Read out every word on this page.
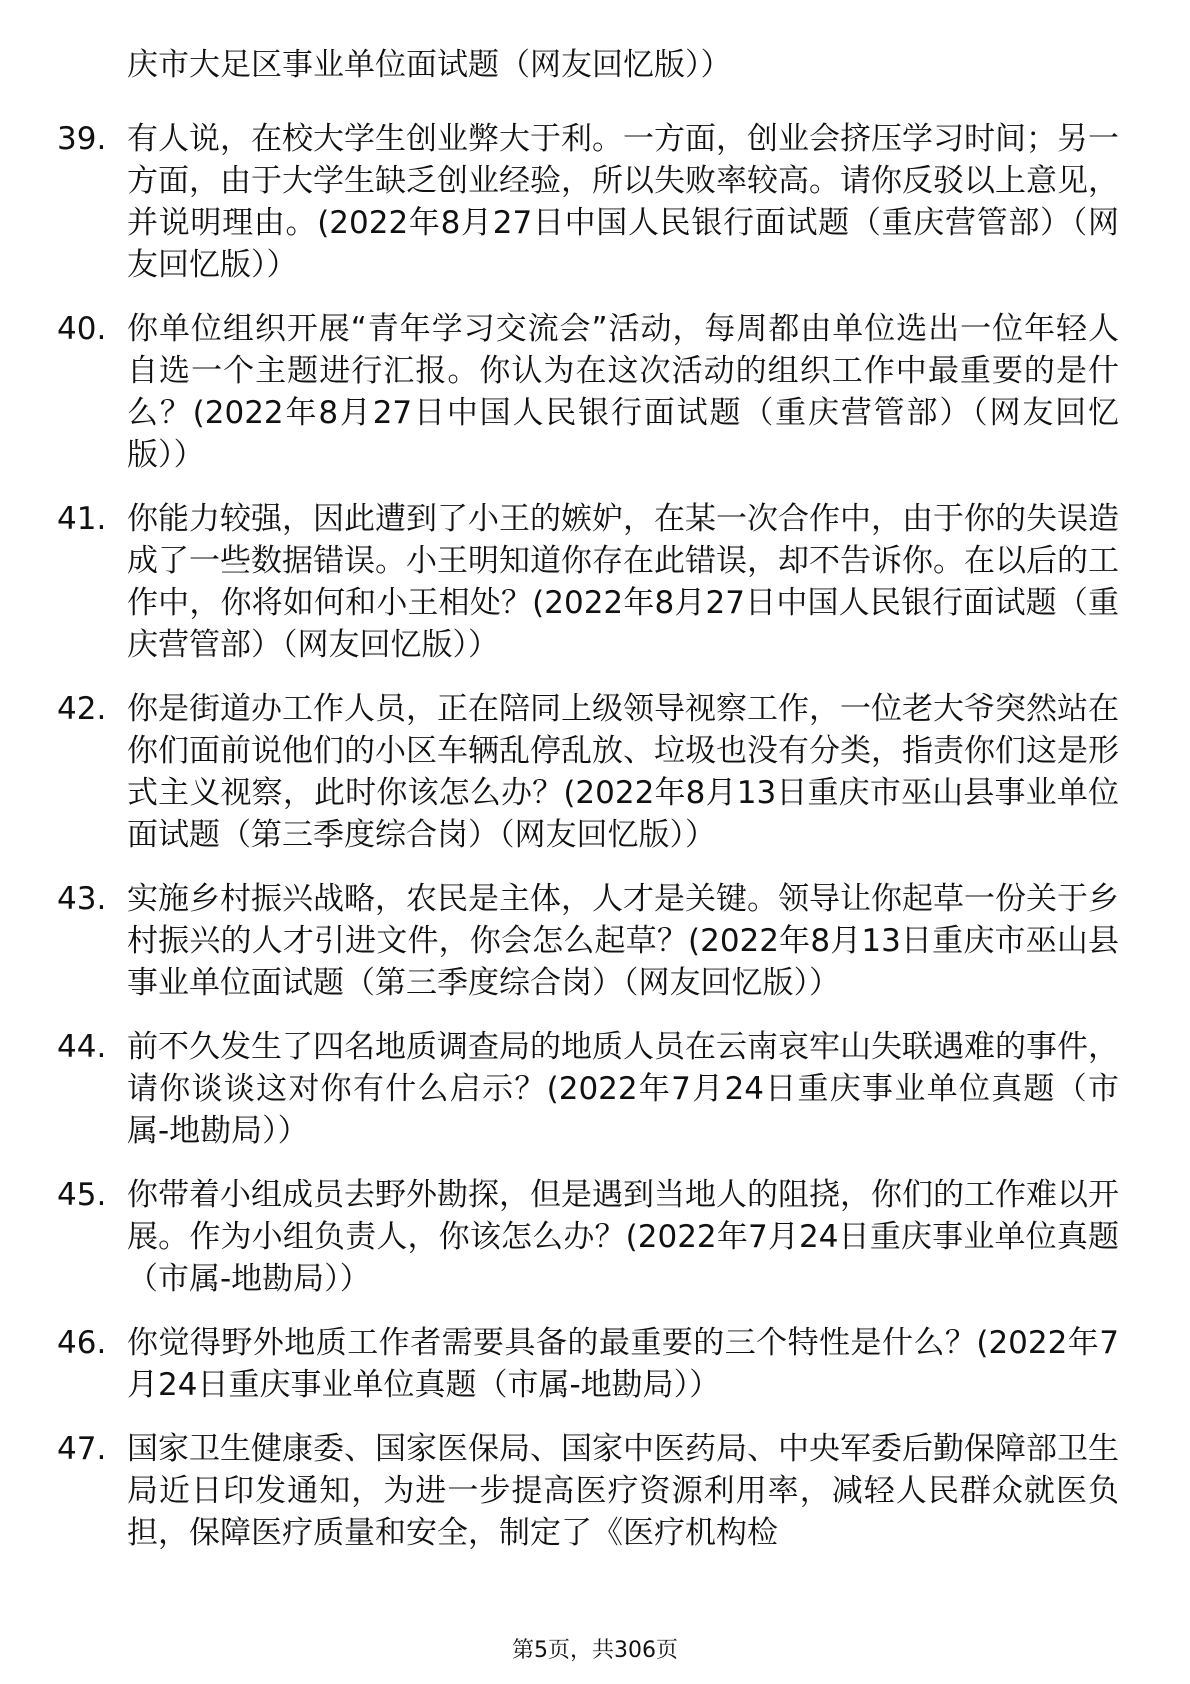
庆市大足区事业单位面试题（网友回忆版））

39. 有人说，在校大学生创业弊大于利。一方面，创业会挤压学习时间；另一方面，由于大学生缺乏创业经验，所以失败率较高。请你反驳以上意见，并说明理由。(2022年8月27日中国人民银行面试题（重庆营管部）（网友回忆版））
40. 你单位组织开展“青年学习交流会”活动，每周都由单位选出一位年轻人自选一个主题进行汇报。你认为在这次活动的组织工作中最重要的是什么？(2022年8月27日中国人民银行面试题（重庆营管部）（网友回忆版））
41. 你能力较强，因此遭到了小王的嫉妒，在某一次合作中，由于你的失误造成了一些数据错误。小王明知道你存在此错误，却不告诉你。在以后的工作中，你将如何和小王相处？(2022年8月27日中国人民银行面试题（重庆营管部）（网友回忆版））
42. 你是街道办工作人员，正在陪同上级领导视察工作，一位老大爷突然站在你们面前说他们的小区车辆乱停乱放、垃圾也没有分类，指责你们这是形式主义视察，此时你该怎么办？(2022年8月13日重庆市巫山县事业单位面试题（第三季度综合岗）（网友回忆版））
43. 实施乡村振兴战略，农民是主体，人才是关键。领导让你起草一份关于乡村振兴的人才引进文件，你会怎么起草？(2022年8月13日重庆市巫山县事业单位面试题（第三季度综合岗）（网友回忆版））
44. 前不久发生了四名地质调查局的地质人员在云南哀牢山失联遇难的事件，请你谈谈这对你有什么启示？(2022年7月24日重庆事业单位真题（市属-地勘局））
45. 你带着小组成员去野外勘探，但是遇到当地人的阻挠，你们的工作难以开展。作为小组负责人，你该怎么办？(2022年7月24日重庆事业单位真题（市属-地勘局））
46. 你觉得野外地质工作者需要具备的最重要的三个特性是什么？(2022年7月24日重庆事业单位真题（市属-地勘局））
47. 国家卫生健康委、国家医保局、国家中医药局、中央军委后勤保障部卫生局近日印发通知，为进一步提高医疗资源利用率，减轻人民群众就医负担，保障医疗质量和安全，制定了《医疗机构检
第5页，共306页
